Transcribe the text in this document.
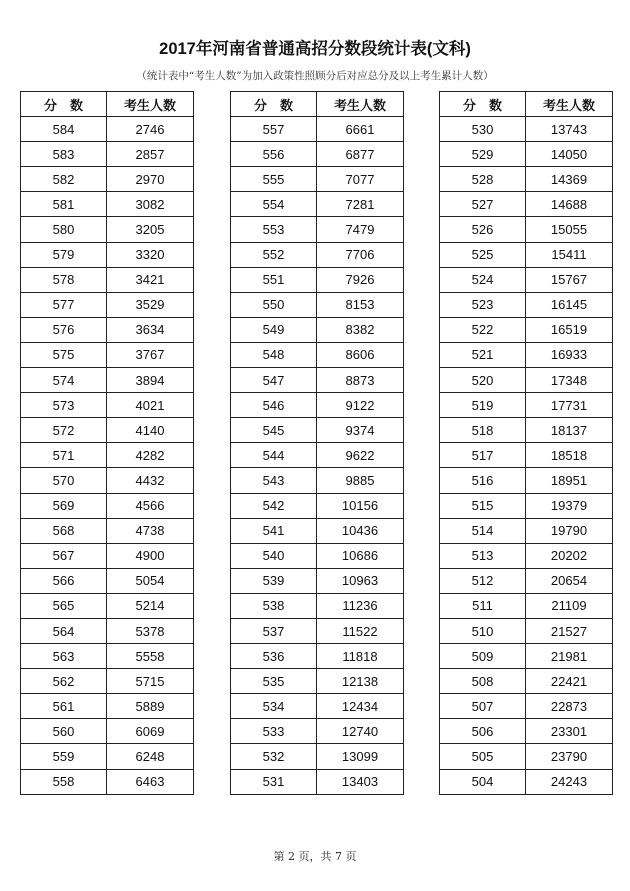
2017年河南省普通高招分数段统计表(文科)
（统计表中“考生人数”为加入政策性照顾分后对应总分及以上考生累计人数）
分　数	考生人数
584	2746
583	2857
582	2970
581	3082
580	3205
579	3320
578	3421
577	3529
576	3634
575	3767
574	3894
573	4021
572	4140
571	4282
570	4432
569	4566
568	4738
567	4900
566	5054
565	5214
564	5378
563	5558
562	5715
561	5889
560	6069
559	6248
558	6463
分　数	考生人数
557	6661
556	6877
555	7077
554	7281
553	7479
552	7706
551	7926
550	8153
549	8382
548	8606
547	8873
546	9122
545	9374
544	9622
543	9885
542	10156
541	10436
540	10686
539	10963
538	11236
537	11522
536	11818
535	12138
534	12434
533	12740
532	13099
531	13403
分　数	考生人数
530	13743
529	14050
528	14369
527	14688
526	15055
525	15411
524	15767
523	16145
522	16519
521	16933
520	17348
519	17731
518	18137
517	18518
516	18951
515	19379
514	19790
513	20202
512	20654
511	21109
510	21527
509	21981
508	22421
507	22873
506	23301
505	23790
504	24243
第 2 页，共 7 页
